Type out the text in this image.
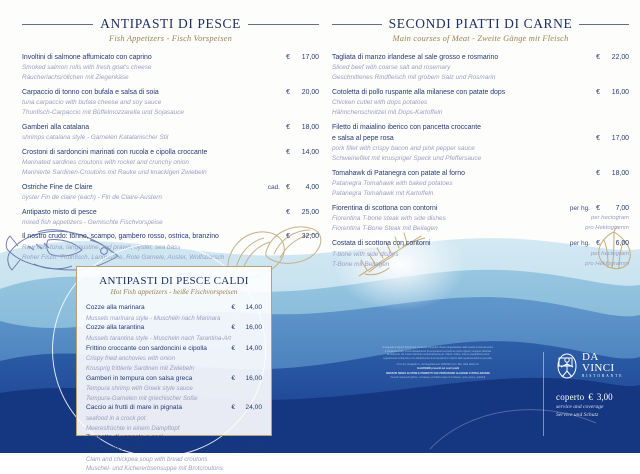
ANTIPASTI DI PESCE
Fish Appetizers - Fisch Vorspeisen
Involtini di salmone affumicato con caprino	€	17,00
Smoked salmon rolls with fresh goat's cheese
Räucherlachsröllchen mit Ziegenkäse
Carpaccio di tonno con bufala e salsa di soia	€	20,00
tuna carpaccio with bufala cheese and soy sauce
Thunfisch-Carpaccio mit Büffelmozzarella und Sojasauce
Gamberi alla catalana	€	18,00
shrimps catalana style - Garnelen Katalanischer Stil
Crostoni di sardoncini marinati con rucola e cipolla croccante	€	14,00
Marinated sardines croutons with rocket and crunchy onion
Marinierte Sardinen-Croutons mit Rauke und knackigen Zwiebeln
Ostriche Fine de Claire	cad. €	4,00
oyster Fin de claire (each) - Fin de Claire-Austern
Antipasto misto di pesce	€	25,00
mixed fish appetizers - Gemischte Fischvorspeise
Il nostro crudo: tonno, scampo, gambero rosso, ostrica, branzino	€	32,00
Raw fish: tuna, langoustine, red prawn, oyster, sea bass
Roher Fisch: Thunfisch, Langustine, Rote Garnele, Auster, Wolfsbarsch
SECONDI PIATTI DI CARNE
Main courses of Meat - Zweite Gänge mit Fleisch
Tagliata di manzo irlandese al sale grosso e rosmarino	€	22,00
Sliced beef with coarse salt and rosemary
Geschnittenes Rindfleisch mit grobem Salz und Rosmarin
Cotoletta di pollo ruspante alla milanese con patate dops	€	16,00
Chicken cutlet with dops potatoes
Hähnchenschnitzel mit Dops-Kartoffeln
Filetto di maialino iberico con pancetta croccante
e salsa al pepe rosa	€	17,00
pork fillet with crispy bacon and pink pepper sauce
Schweinefilet mit knuspriger Speck und Pfeffersauce
Tomahawk di Patanegra con patate al forno	€	18,00
Patanegra Tomahawk with baked potatoes
Patanegra Tomahawk mit Kartoffeln
Fiorentina di scottona con contorni	per hg. €	7,00
Fiorentina T-bone steak with side dishes	per hectogram
Fiorentina T-Bone Steak mit Beilagen	pro Hektogramm
Costata di scottona con contorni	per hg. €	6,00
T-bone with side dishes	per hectogram
T-Bone mit Beilagen	pro Hektogramm
ANTIPASTI DI PESCE CALDI
Hot Fish appetizers - heiße Fischvorspeisen
Cozze alla marinara	€	14,00
Mussels marinara style - Muscheln nach Marinara
Cozze alla tarantina	€	16,00
Mussels tarantina style - Muscheln nach Tarantina-Art
Frittino croccante con sardoncini e cipolla	€	14,00
Crispy fried anchovies with onion
Knusprig frittierte Sardinen mit Zwiebeln
Gamberi in tempura con salsa greca	€	16,00
Tempura shrimp with Greek style sauce
Tempura-Garnelen mit griechischer Soße
Caccio ai frutti di mare in pignata	€	24,00
seafood in a crock pot
Meeresfrüchte in einem Dampftopf
Zuppetta di vongole e ceci
con crostini di pane	€	15,00
Clam and chickpea soup with bread croutons
Muschel- und Kichererbsensuppe mit Brotcroutons
Si segnala ai signori Clienti che si intende surgelato. Buona degustazione dalla nostra cucina dei pesci,
il consumo crudo, previa abbattimento di temperatura secondo le norme vigenti, vengono effettuati
direttamente nel nostro ristorante esclusivamente per i clienti. Inoltre, tutte le preparazioni sono
regolarmente sottoposte a un abbattimento di temperatura in rispetto alla regolamentazione generale.
Art.to 44, paragrafo 2 , del Regolamento 1169/2011 (Un. Min. della Salute Nr.
ALLERGENI presenti nei nostri piatti
SERVIZIO SENZA GLUTINE E PRODOTTI CHE PROCURANO ALLERGIE O INTOLLERANZE
Cereali contenenti glutine, crostacei e prodotti a base di crostacei, uova, pesce, arachidi,
DA
VINCI
RISTORANTE
coperto € 3,00
service and coverage
Service und Schutz
